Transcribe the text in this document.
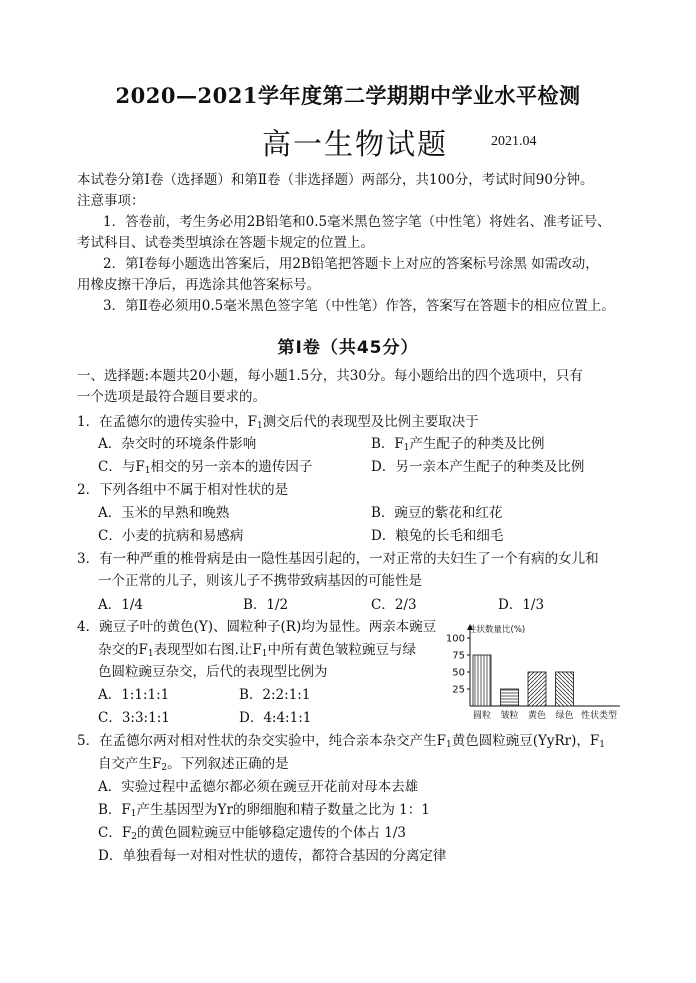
2020—2021学年度第二学期期中学业水平检测
高一生物试题	2021.04
本试卷分第Ⅰ卷（选择题）和第Ⅱ卷（非选择题）两部分，共100分，考试时间90分钟。
注意事项：
1．答卷前，考生务必用2B铅笔和0.5毫米黑色签字笔（中性笔）将姓名、准考证号、
考试科目、试卷类型填涂在答题卡规定的位置上。
2．第Ⅰ卷每小题选出答案后，用2B铅笔把答题卡上对应的答案标号涂黑 如需改动，
用橡皮擦干净后，再选涂其他答案标号。
3．第Ⅱ卷必须用0.5毫米黑色签字笔（中性笔）作答，答案写在答题卡的相应位置上。
第Ⅰ卷（共45分）
一、选择题:本题共20小题，每小题1.5分，共30分。每小题给出的四个选项中，只有
一个选项是最符合题目要求的。
1．在孟德尔的遗传实验中，$F_1$测交后代的表现型及比例主要取决于
A．杂交时的环境条件影响	B．$F_1$产生配子的种类及比例
C．与$F_1$相交的另一亲本的遗传因子	D．另一亲本产生配子的种类及比例
2．下列各组中不属于相对性状的是
A．玉米的早熟和晚熟	B．豌豆的紫花和红花
C．小麦的抗病和易感病	D．粮兔的长毛和细毛
3．有一种严重的椎骨病是由一隐性基因引起的，一对正常的夫妇生了一个有病的女儿和
一个正常的儿子，则该儿子不携带致病基因的可能性是
A．1/4	B．1/2	C．2/3	D．1/3
4．豌豆子叶的黄色(Y)、圆粒种子(R)均为显性。两亲本豌豆
杂交的$F_1$表现型如右图.让$F_1$中所有黄色皱粒豌豆与绿
色圆粒豌豆杂交，后代的表现型比例为
A．1:1:1:1	B．2:2:1:1
C．3:3:1:1	D．4:4:1:1
25
50
75
100
性状数量比(%)
圆粒 皱粒 黄色 绿色 性状类型
5．在孟德尔两对相对性状的杂交实验中，纯合亲本杂交产生$F_1$黄色圆粒豌豆(YyRr)，$F_1$
自交产生$F_2$。下列叙述正确的是
A．实验过程中孟德尔都必须在豌豆开花前对母本去雄
B．$F_1$产生基因型为Yr的卵细胞和精子数量之比为 1：1
C．$F_2$的黄色圆粒豌豆中能够稳定遗传的个体占 1/3
D．单独看每一对相对性状的遗传，都符合基因的分离定律
